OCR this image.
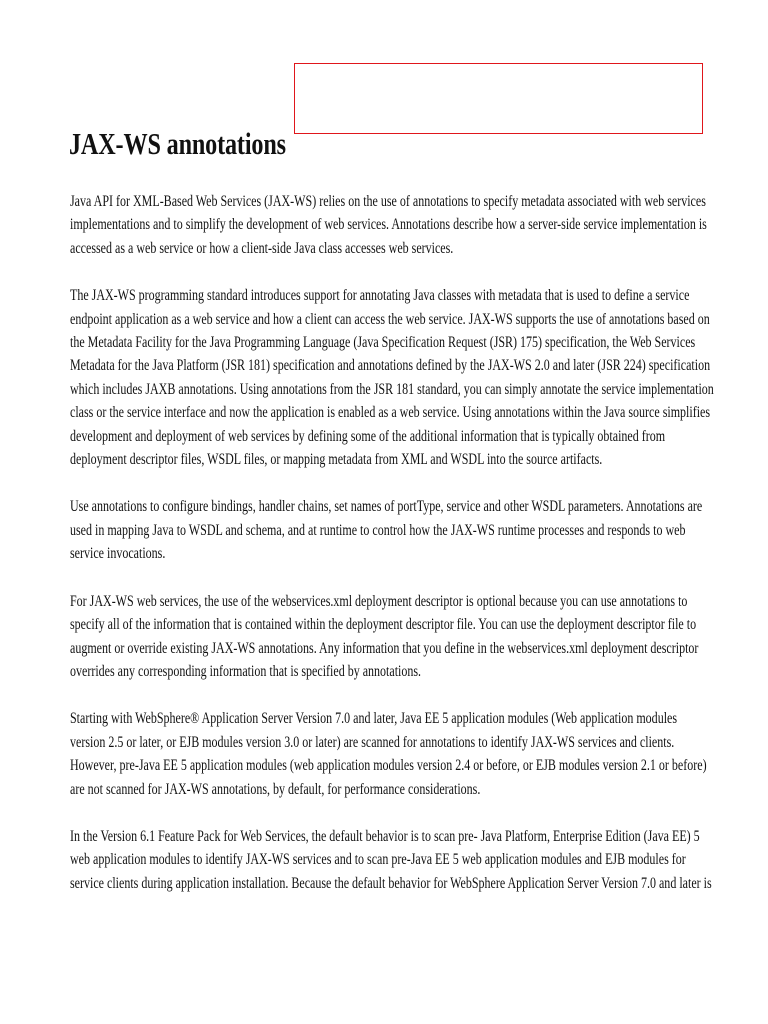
JAX-WS annotations

Java API for XML-Based Web Services (JAX-WS) relies on the use of annotations to specify metadata associated with web services
implementations and to simplify the development of web services. Annotations describe how a server-side service implementation is
accessed as a web service or how a client-side Java class accesses web services.

The JAX-WS programming standard introduces support for annotating Java classes with metadata that is used to define a service
endpoint application as a web service and how a client can access the web service. JAX-WS supports the use of annotations based on
the Metadata Facility for the Java Programming Language (Java Specification Request (JSR) 175) specification, the Web Services
Metadata for the Java Platform (JSR 181) specification and annotations defined by the JAX-WS 2.0 and later (JSR 224) specification
which includes JAXB annotations. Using annotations from the JSR 181 standard, you can simply annotate the service implementation
class or the service interface and now the application is enabled as a web service. Using annotations within the Java source simplifies
development and deployment of web services by defining some of the additional information that is typically obtained from
deployment descriptor files, WSDL files, or mapping metadata from XML and WSDL into the source artifacts.

Use annotations to configure bindings, handler chains, set names of portType, service and other WSDL parameters. Annotations are
used in mapping Java to WSDL and schema, and at runtime to control how the JAX-WS runtime processes and responds to web
service invocations.

For JAX-WS web services, the use of the webservices.xml deployment descriptor is optional because you can use annotations to
specify all of the information that is contained within the deployment descriptor file. You can use the deployment descriptor file to
augment or override existing JAX-WS annotations. Any information that you define in the webservices.xml deployment descriptor
overrides any corresponding information that is specified by annotations.

Starting with WebSphere® Application Server Version 7.0 and later, Java EE 5 application modules (Web application modules
version 2.5 or later, or EJB modules version 3.0 or later) are scanned for annotations to identify JAX-WS services and clients.
However, pre-Java EE 5 application modules (web application modules version 2.4 or before, or EJB modules version 2.1 or before)
are not scanned for JAX-WS annotations, by default, for performance considerations.

In the Version 6.1 Feature Pack for Web Services, the default behavior is to scan pre- Java Platform, Enterprise Edition (Java EE) 5
web application modules to identify JAX-WS services and to scan pre-Java EE 5 web application modules and EJB modules for
service clients during application installation. Because the default behavior for WebSphere Application Server Version 7.0 and later is
